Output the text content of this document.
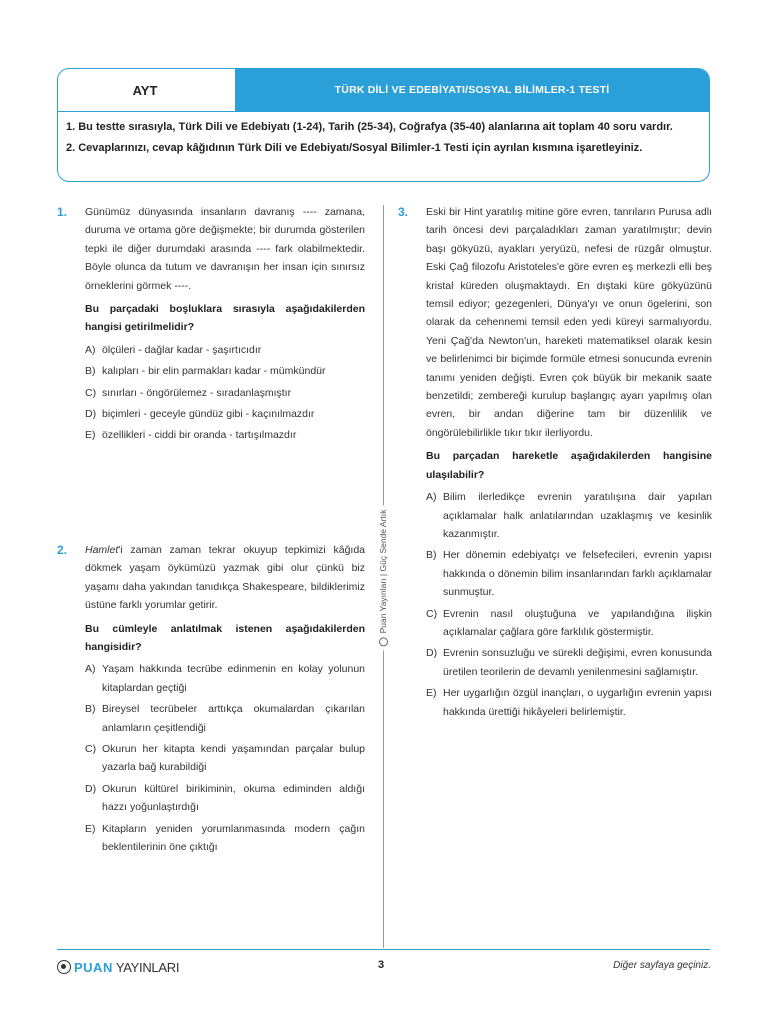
AYT	TÜRK DİLİ VE EDEBİYATI/SOSYAL BİLİMLER-1 TESTİ

1. Bu testte sırasıyla, Türk Dili ve Edebiyatı (1-24), Tarih (25-34), Coğrafya (35-40) alanlarına ait toplam 40 soru vardır.

2. Cevaplarınızı, cevap kâğıdının Türk Dili ve Edebiyatı/Sosyal Bilimler-1 Testi için ayrılan kısmına işaretleyiniz.

1. Günümüz dünyasında insanların davranış ---- zamana, duruma ve ortama göre değişmekte; bir durumda gösterilen tepki ile diğer durumdaki arasında ---- fark olabilmektedir. Böyle olunca da tutum ve davranışın her insan için sınırsız örneklerini görmek ----.

Bu parçadaki boşluklara sırasıyla aşağıdakilerden hangisi getirilmelidir?

A) ölçüleri - dağlar kadar - şaşırtıcıdır
B) kalıpları - bir elin parmakları kadar - mümkündür
C) sınırları - öngörülemez - sıradanlaşmıştır
D) biçimleri - geceyle gündüz gibi - kaçınılmazdır
E) özellikleri - ciddi bir oranda - tartışılmazdır
2. Hamlet'i zaman zaman tekrar okuyup tepkimizi kâğıda dökmek yaşam öykümüzü yazmak gibi olur çünkü biz yaşamı daha yakından tanıdıkça Shakespeare, bildiklerimiz üstüne farklı yorumlar getirir.

Bu cümleyle anlatılmak istenen aşağıdakilerden hangisidir?

A) Yaşam hakkında tecrübe edinmenin en kolay yolunun kitaplardan geçtiği
B) Bireysel tecrübeler arttıkça okumalardan çıkarılan anlamların çeşitlendiği
C) Okurun her kitapta kendi yaşamından parçalar bulup yazarla bağ kurabildiği
D) Okurun kültürel birikiminin, okuma ediminden aldığı hazzı yoğunlaştırdığı
E) Kitapların yeniden yorumlanmasında modern çağın beklentilerinin öne çıktığı
Puan Yayınları | Güç Sende Artık
3. Eski bir Hint yaratılış mitine göre evren, tanrıların Purusa adlı tarih öncesi devi parçaladıkları zaman yaratılmıştır; devin başı gökyüzü, ayakları yeryüzü, nefesi de rüzgâr olmuştur. Eski Çağ filozofu Aristoteles'e göre evren eş merkezli elli beş kristal küreden oluşmaktaydı. En dıştaki küre gökyüzünü temsil ediyor; gezegenleri, Dünya'yı ve onun ögelerini, son olarak da cehennemi temsil eden yedi küreyi sarmalıyordu. Yeni Çağ'da Newton'un, hareketi matematiksel olarak kesin ve belirlenimci bir biçimde formüle etmesi sonucunda evrenin tanımı yeniden değişti. Evren çok büyük bir mekanik saate benzetildi; zembereği kurulup başlangıç ayarı yapılmış olan evren, bir andan diğerine tam bir düzenlilik ve öngörülebilirlikle tıkır tıkır ilerliyordu.

Bu parçadan hareketle aşağıdakilerden hangisine ulaşılabilir?

A) Bilim ilerledikçe evrenin yaratılışına dair yapılan açıklamalar halk anlatılarından uzaklaşmış ve kesinlik kazanmıştır.
B) Her dönemin edebiyatçı ve felsefecileri, evrenin yapısı hakkında o dönemin bilim insanlarından farklı açıklamalar sunmuştur.
C) Evrenin nasıl oluştuğuna ve yapılandığına ilişkin açıklamalar çağlara göre farklılık göstermiştir.
D) Evrenin sonsuzluğu ve sürekli değişimi, evren konusunda üretilen teorilerin de devamlı yenilenmesini sağlamıştır.
E) Her uygarlığın özgül inançları, o uygarlığın evrenin yapısı hakkında ürettiği hikâyeleri belirlemiştir.
PUAN YAYINLARI	3	Diğer sayfaya geçiniz.
